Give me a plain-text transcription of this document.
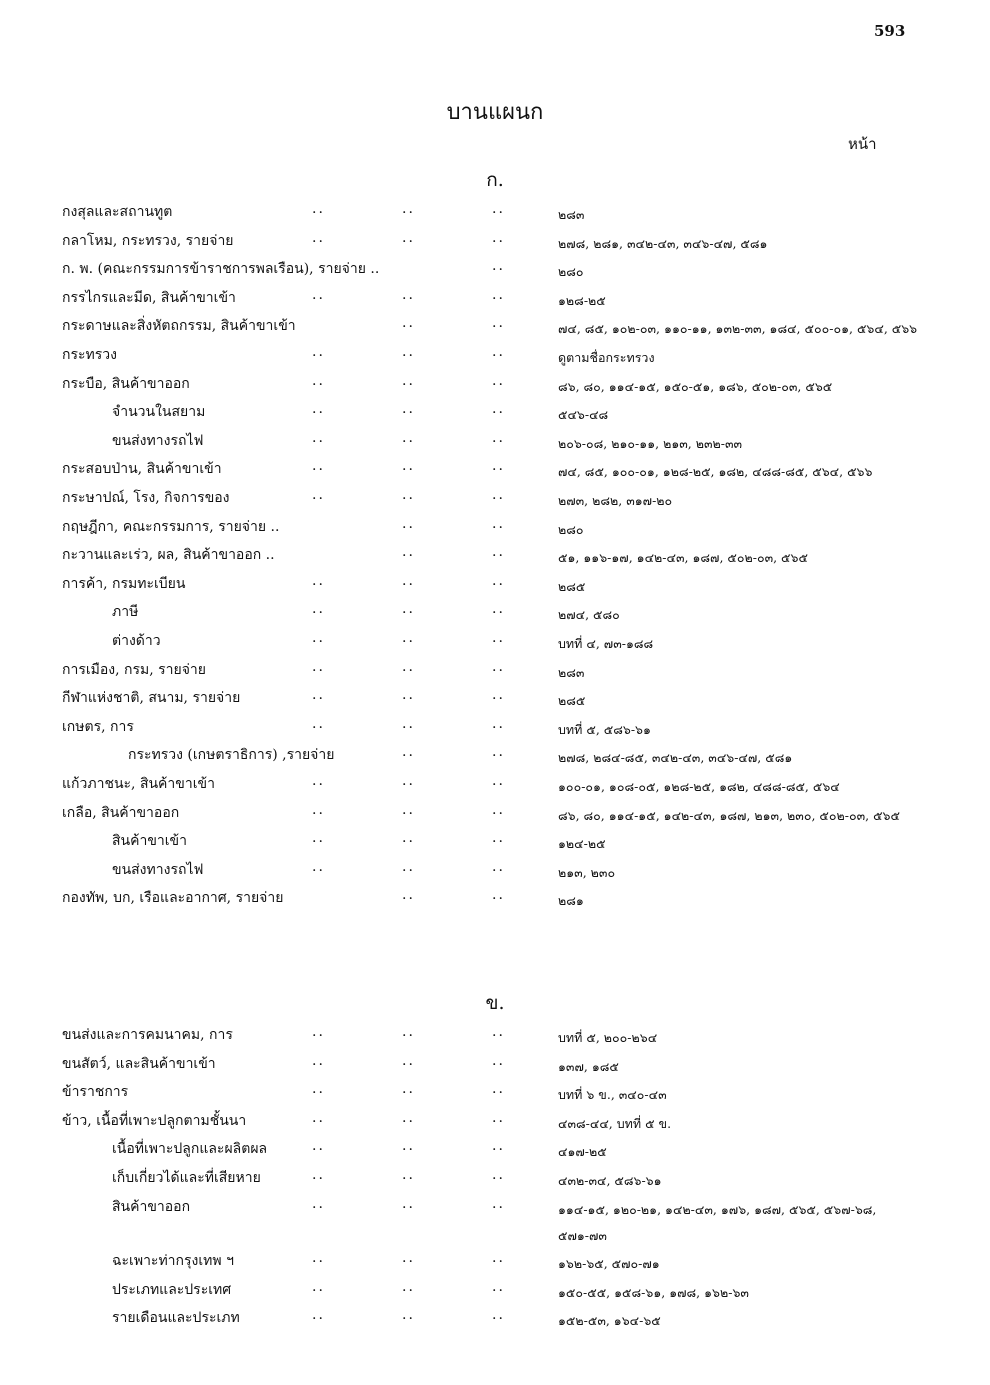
593
บานแผนก
หน้า
ก.
กงสุลและสถานทูต	..	..	..	๒๘๓
กลาโหม, กระทรวง, รายจ่าย	..	..	..	๒๗๘, ๒๘๑, ๓๔๒-๔๓, ๓๔๖-๔๗, ๕๘๑
ก. พ. (คณะกรรมการข้าราชการพลเรือน), รายจ่าย ..	..	๒๘๐
กรรไกรและมีด, สินค้าขาเข้า	..	..	..	๑๒๘-๒๕
กระดาษและสิ่งหัตถกรรม, สินค้าขาเข้า	..	..	๗๔, ๘๕, ๑๐๒-๐๓, ๑๑๐-๑๑, ๑๓๒-๓๓, ๑๘๔, ๕๐๐-๐๑, ๕๖๔, ๕๖๖
กระทรวง	..	..	..	ดูตามชื่อกระทรวง
กระบือ, สินค้าขาออก	..	..	..	๘๖, ๘๐, ๑๑๔-๑๕, ๑๕๐-๕๑, ๑๘๖, ๕๐๒-๐๓, ๕๖๕
จำนวนในสยาม	..	..	..	๕๔๖-๔๘
ขนส่งทางรถไฟ	..	..	..	๒๐๖-๐๘, ๒๑๐-๑๑, ๒๑๓, ๒๓๒-๓๓
กระสอบป่าน, สินค้าขาเข้า	..	..	..	๗๔, ๘๕, ๑๐๐-๐๑, ๑๒๘-๒๕, ๑๘๒, ๔๘๘-๘๕, ๕๖๔, ๕๖๖
กระษาปณ์, โรง, กิจการของ	..	..	..	๒๗๓, ๒๘๒, ๓๑๗-๒๐
กฤษฎีกา, คณะกรรมการ, รายจ่าย ..	..	..	๒๘๐
กะวานและเร่ว, ผล, สินค้าขาออก ..	..	..	๕๑, ๑๑๖-๑๗, ๑๔๒-๔๓, ๑๘๗, ๕๐๒-๐๓, ๕๖๕
การค้า, กรมทะเบียน	..	..	..	๒๘๕
ภาษี	..	..	..	๒๗๔, ๕๘๐
ต่างด้าว	..	..	..	บทที่ ๔, ๗๓-๑๘๘
การเมือง, กรม, รายจ่าย	..	..	..	๒๘๓
กีฬาแห่งชาติ, สนาม, รายจ่าย	..	..	..	๒๘๕
เกษตร, การ	..	..	..	บทที่ ๕, ๕๘๖-๖๑
กระทรวง (เกษตราธิการ) ,รายจ่าย	..	..	๒๗๘, ๒๘๔-๘๕, ๓๔๒-๔๓, ๓๔๖-๔๗, ๕๘๑
แก้วภาชนะ, สินค้าขาเข้า	..	..	..	๑๐๐-๐๑, ๑๐๘-๐๕, ๑๒๘-๒๕, ๑๘๒, ๔๘๘-๘๕, ๕๖๔
เกลือ, สินค้าขาออก	..	..	..	๘๖, ๘๐, ๑๑๔-๑๕, ๑๔๒-๔๓, ๑๘๗, ๒๑๓, ๒๓๐, ๕๐๒-๐๓, ๕๖๕
สินค้าขาเข้า	..	..	..	๑๒๔-๒๕
ขนส่งทางรถไฟ	..	..	..	๒๑๓, ๒๓๐
กองทัพ, บก, เรือและอากาศ, รายจ่าย	..	..	๒๘๑
ข.
ขนส่งและการคมนาคม, การ	..	..	..	บทที่ ๕, ๒๐๐-๒๖๔
ขนสัตว์, และสินค้าขาเข้า	..	..	..	๑๓๗, ๑๘๕
ข้าราชการ	..	..	..	บทที่ ๖ ข., ๓๔๐-๔๓
ข้าว, เนื้อที่เพาะปลูกตามชั้นนา	..	..	..	๔๓๘-๔๔, บทที่ ๕ ข.
เนื้อที่เพาะปลูกและผลิตผล	..	..	..	๔๑๗-๒๕
เก็บเกี่ยวได้และที่เสียหาย	..	..	..	๔๓๒-๓๔, ๕๘๖-๖๑
สินค้าขาออก	..	..	..	๑๑๔-๑๕, ๑๒๐-๒๑, ๑๔๒-๔๓, ๑๗๖, ๑๘๗, ๕๖๕, ๕๖๗-๖๘, ๕๗๑-๗๓
ฉะเพาะท่ากรุงเทพ ฯ	..	..	..	๑๖๒-๖๕, ๕๗๐-๗๑
ประเภทและประเทศ	..	..	..	๑๕๐-๕๕, ๑๕๘-๖๑, ๑๗๘, ๑๖๒-๖๓
รายเดือนและประเภท	..	..	..	๑๕๒-๕๓, ๑๖๔-๖๕
